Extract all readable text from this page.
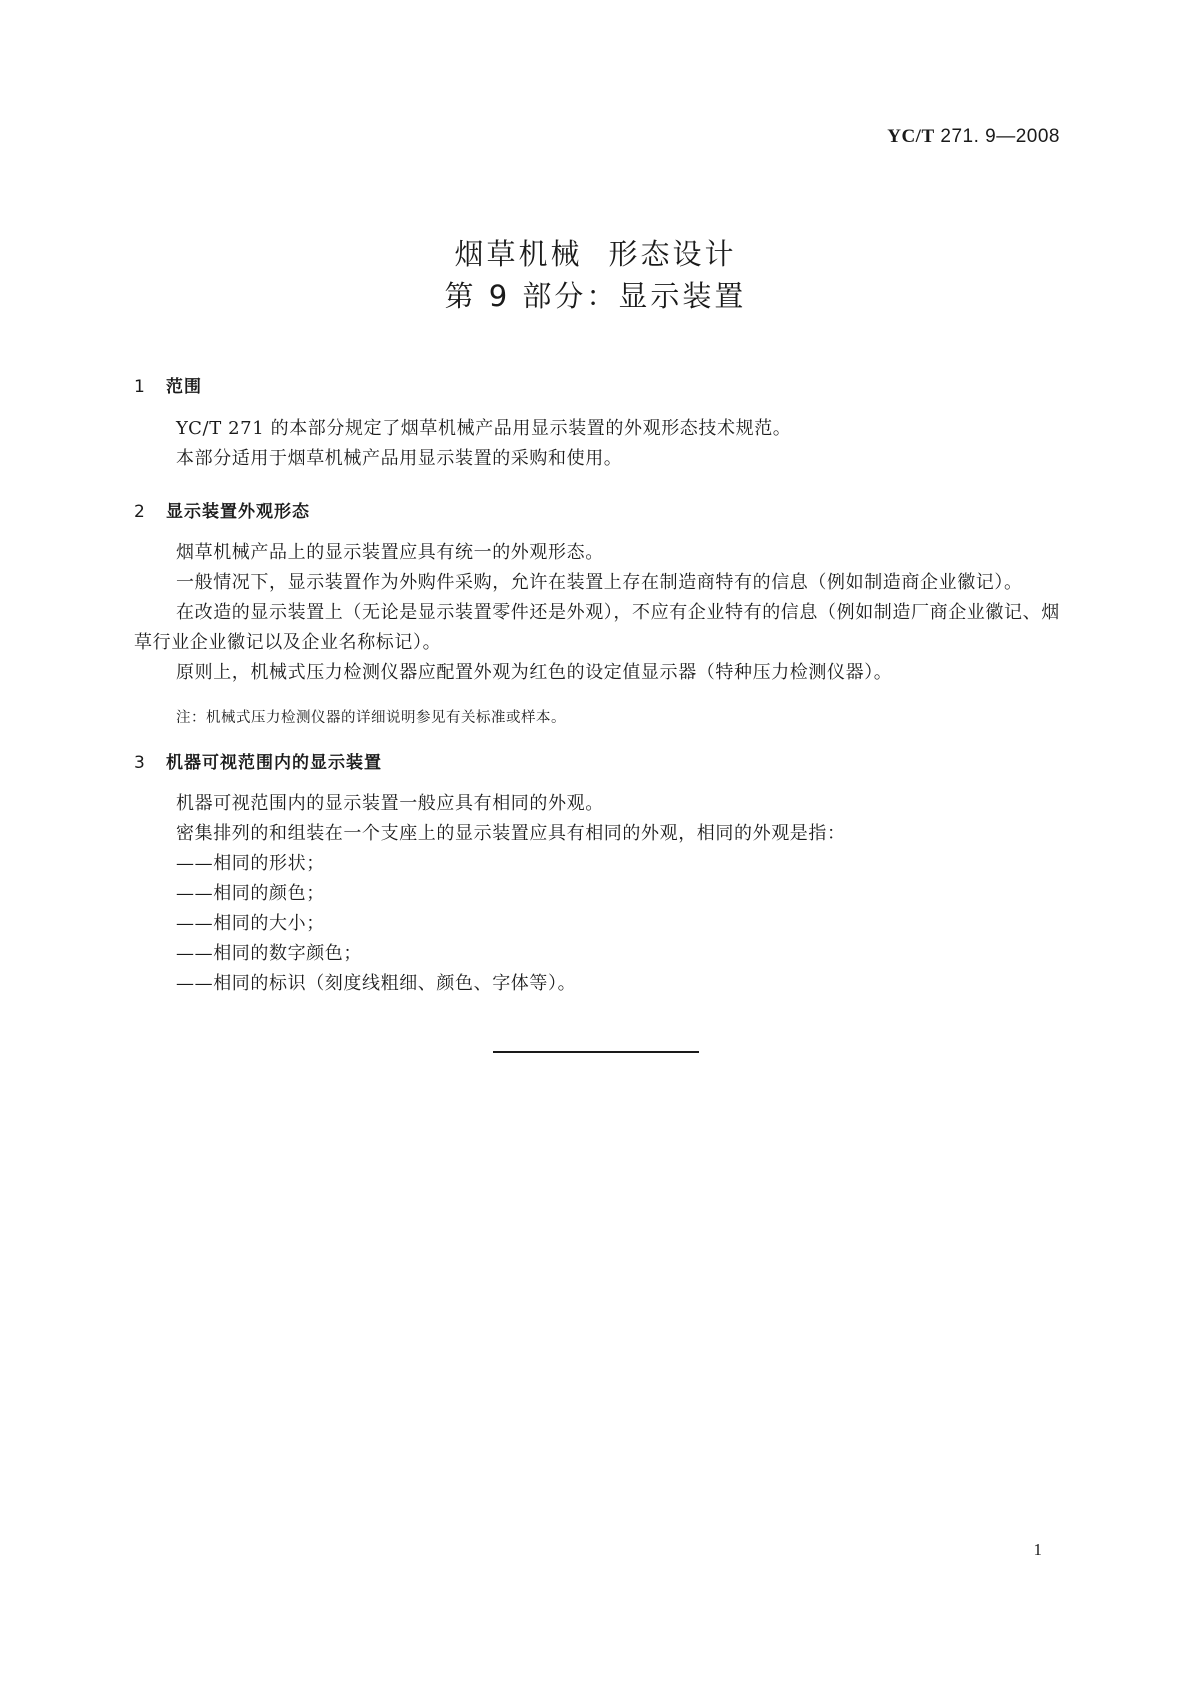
YC/T 271. 9—2008
烟草机械 形态设计
第 9 部分：显示装置
1 范围

YC/T 271 的本部分规定了烟草机械产品用显示装置的外观形态技术规范。

本部分适用于烟草机械产品用显示装置的采购和使用。

2 显示装置外观形态

烟草机械产品上的显示装置应具有统一的外观形态。

一般情况下，显示装置作为外购件采购，允许在装置上存在制造商特有的信息（例如制造商企业徽记）。

在改造的显示装置上（无论是显示装置零件还是外观），不应有企业特有的信息（例如制造厂商企业徽记、烟草行业企业徽记以及企业名称标记）。

原则上，机械式压力检测仪器应配置外观为红色的设定值显示器（特种压力检测仪器）。

注：机械式压力检测仪器的详细说明参见有关标准或样本。
3 机器可视范围内的显示装置

机器可视范围内的显示装置一般应具有相同的外观。

密集排列的和组装在一个支座上的显示装置应具有相同的外观，相同的外观是指：

——相同的形状；

——相同的颜色；

——相同的大小；

——相同的数字颜色；

——相同的标识（刻度线粗细、颜色、字体等）。

1
